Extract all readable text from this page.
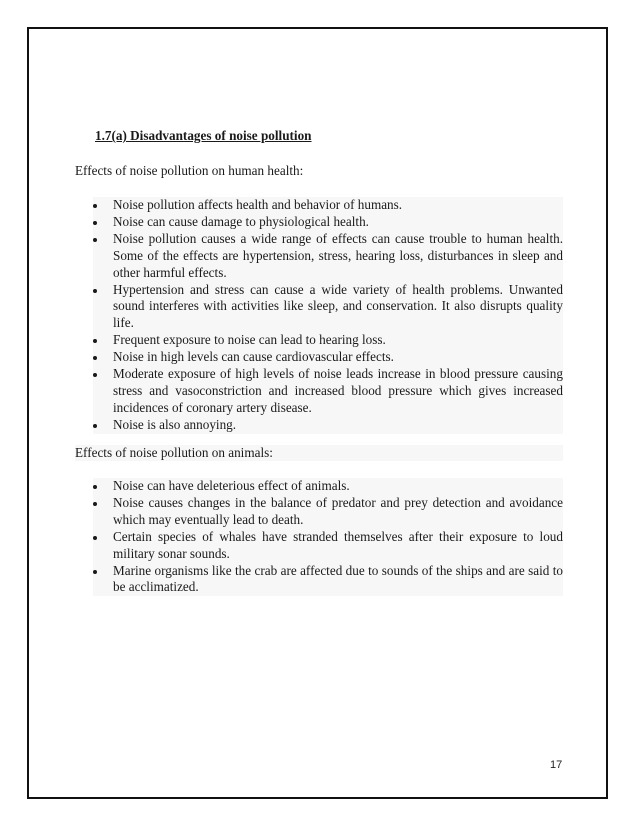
1.7(a) Disadvantages of noise pollution
Effects of noise pollution on human health:
Noise pollution affects health and behavior of humans.
Noise can cause damage to physiological health.
Noise pollution causes a wide range of effects can cause trouble to human health. Some of the effects are hypertension, stress, hearing loss, disturbances in sleep and other harmful effects.
Hypertension and stress can cause a wide variety of health problems. Unwanted sound interferes with activities like sleep, and conservation. It also disrupts quality life.
Frequent exposure to noise can lead to hearing loss.
Noise in high levels can cause cardiovascular effects.
Moderate exposure of high levels of noise leads increase in blood pressure causing stress and vasoconstriction and increased blood pressure which gives increased incidences of coronary artery disease.
Noise is also annoying.
Effects of noise pollution on animals:
Noise can have deleterious effect of animals.
Noise causes changes in the balance of predator and prey detection and avoidance which may eventually lead to death.
Certain species of whales have stranded themselves after their exposure to loud military sonar sounds.
Marine organisms like the crab are affected due to sounds of the ships and are said to be acclimatized.
17
